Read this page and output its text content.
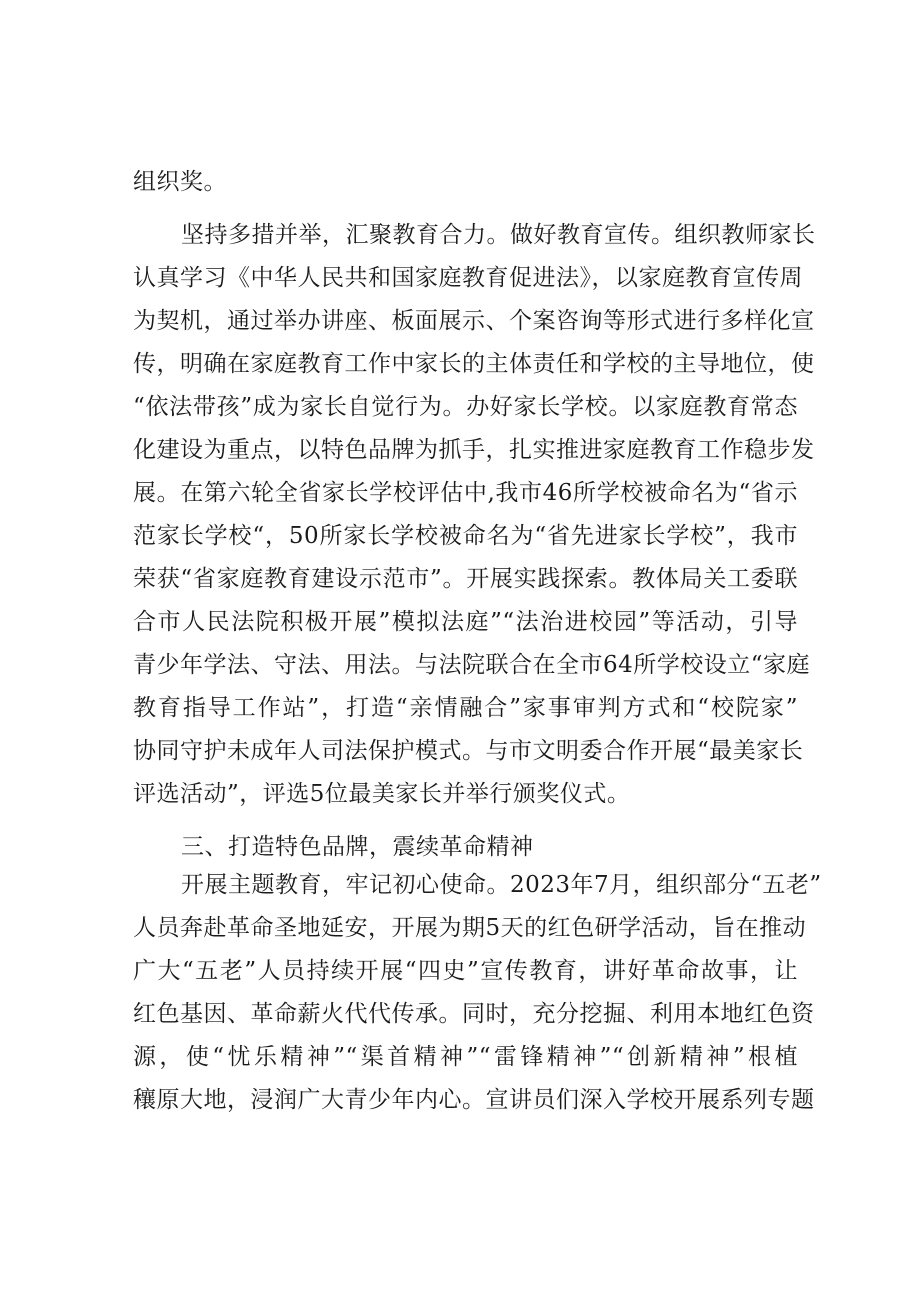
组织奖。
坚持多措并举，汇聚教育合力。做好教育宣传。组织教师家长
认真学习《中华人民共和国家庭教育促进法》，以家庭教育宣传周
为契机，通过举办讲座、板面展示、个案咨询等形式进行多样化宣
传，明确在家庭教育工作中家长的主体责任和学校的主导地位，使
“依法带孩”成为家长自觉行为。办好家长学校。以家庭教育常态
化建设为重点，以特色品牌为抓手，扎实推进家庭教育工作稳步发
展。在第六轮全省家长学校评估中,我市46所学校被命名为“省示
范家长学校“，50所家长学校被命名为“省先进家长学校”，我市
荣获“省家庭教育建设示范市”。开展实践探索。教体局关工委联
合市人民法院积极开展”模拟法庭”“法治进校园”等活动，引导
青少年学法、守法、用法。与法院联合在全市64所学校设立“家庭
教育指导工作站”，打造“亲情融合”家事审判方式和“校院家”
协同守护未成年人司法保护模式。与市文明委合作开展“最美家长
评选活动”，评选5位最美家长并举行颁奖仪式。
三、打造特色品牌，震续革命精神
开展主题教育，牢记初心使命。2023年7月，组织部分“五老”
人员奔赴革命圣地延安，开展为期5天的红色研学活动，旨在推动
广大“五老”人员持续开展“四史”宣传教育，讲好革命故事，让
红色基因、革命薪火代代传承。同时，充分挖掘、利用本地红色资
源，使“忧乐精神”“渠首精神”“雷锋精神”“创新精神”根植
穰原大地，浸润广大青少年内心。宣讲员们深入学校开展系列专题
